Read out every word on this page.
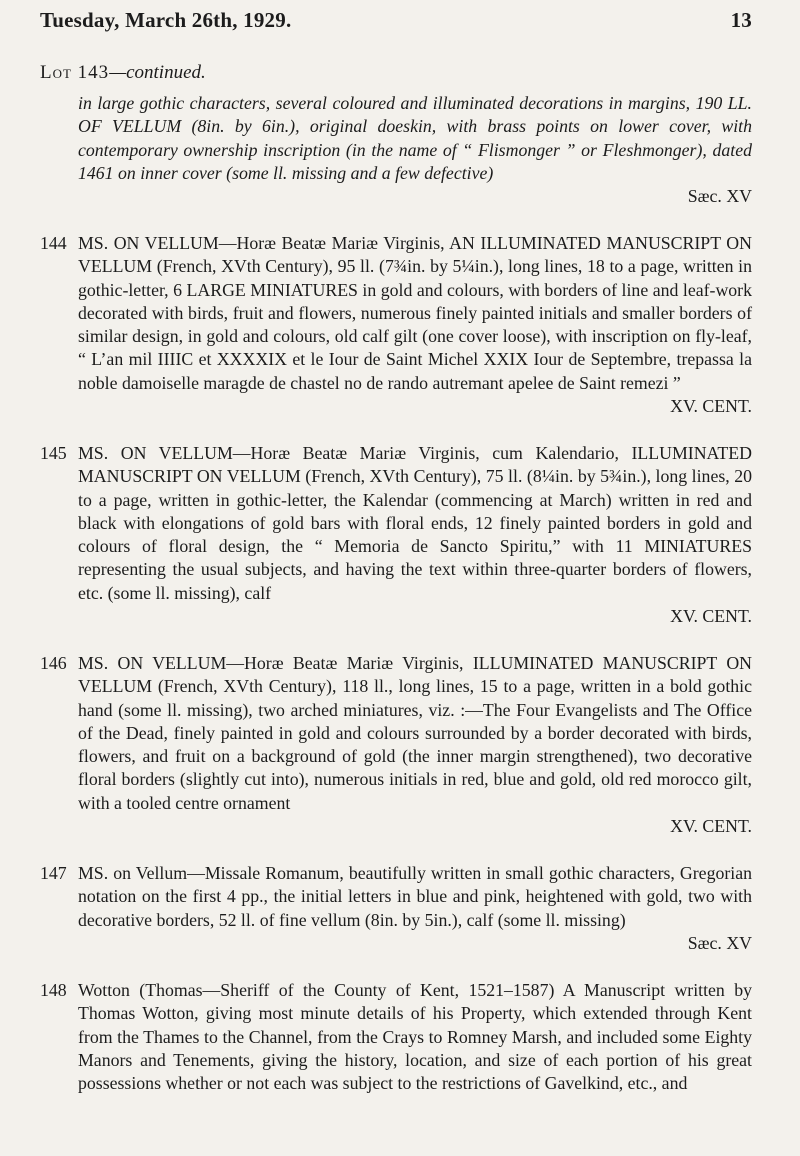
Tuesday, March 26th, 1929.	13
Lot 143—continued.
in large gothic characters, several coloured and illuminated decorations in margins, 190 LL. OF VELLUM (8in. by 6in.), original doeskin, with brass points on lower cover, with contemporary ownership inscription (in the name of “ Flismonger ” or Fleshmonger), dated 1461 on inner cover (some ll. missing and a few defective)
Sæc. XV
144 MS. ON VELLUM—Horæ Beatæ Mariæ Virginis, AN ILLUMINATED MANUSCRIPT ON VELLUM (French, XVth Century), 95 ll. (7¾in. by 5¼in.), long lines, 18 to a page, written in gothic-letter, 6 LARGE MINIATURES in gold and colours, with borders of line and leaf-work decorated with birds, fruit and flowers, numerous finely painted initials and smaller borders of similar design, in gold and colours, old calf gilt (one cover loose), with inscription on fly-leaf, “ L’an mil IIIIC et XXXXIX et le Iour de Saint Michel XXIX Iour de Septembre, trepassa la noble damoiselle maragde de chastel no de rando autremant apelee de Saint remezi ”
XV. CENT.
145 MS. ON VELLUM—Horæ Beatæ Mariæ Virginis, cum Kalendario, ILLUMINATED MANUSCRIPT ON VELLUM (French, XVth Century), 75 ll. (8¼in. by 5¾in.), long lines, 20 to a page, written in gothic-letter, the Kalendar (commencing at March) written in red and black with elongations of gold bars with floral ends, 12 finely painted borders in gold and colours of floral design, the “ Memoria de Sancto Spiritu,” with 11 MINIATURES representing the usual subjects, and having the text within three-quarter borders of flowers, etc. (some ll. missing), calf
XV. CENT.
146 MS. ON VELLUM—Horæ Beatæ Mariæ Virginis, ILLUMINATED MANUSCRIPT ON VELLUM (French, XVth Century), 118 ll., long lines, 15 to a page, written in a bold gothic hand (some ll. missing), two arched miniatures, viz. :—The Four Evangelists and The Office of the Dead, finely painted in gold and colours surrounded by a border decorated with birds, flowers, and fruit on a background of gold (the inner margin strengthened), two decorative floral borders (slightly cut into), numerous initials in red, blue and gold, old red morocco gilt, with a tooled centre ornament
XV. CENT.
147 MS. on Vellum—Missale Romanum, beautifully written in small gothic characters, Gregorian notation on the first 4 pp., the initial letters in blue and pink, heightened with gold, two with decorative borders, 52 ll. of fine vellum (8in. by 5in.), calf (some ll. missing)
Sæc. XV
148 Wotton (Thomas—Sheriff of the County of Kent, 1521–1587) A Manuscript written by Thomas Wotton, giving most minute details of his Property, which extended through Kent from the Thames to the Channel, from the Crays to Romney Marsh, and included some Eighty Manors and Tenements, giving the history, location, and size of each portion of his great possessions whether or not each was subject to the restrictions of Gavelkind, etc., and
